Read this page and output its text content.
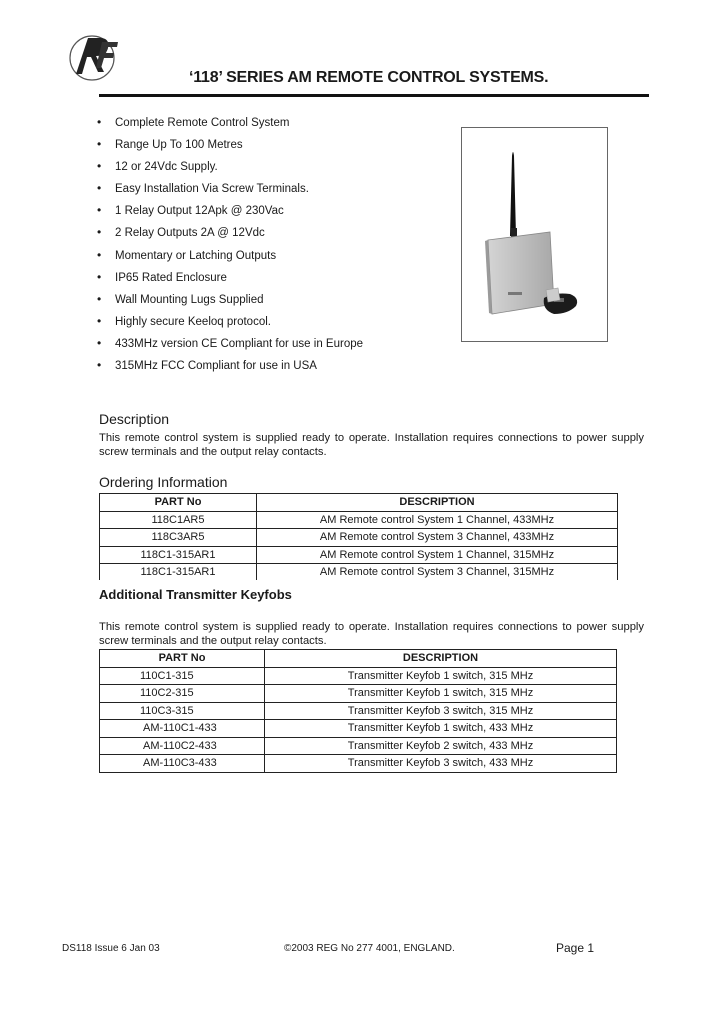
‘118’ SERIES AM REMOTE CONTROL SYSTEMS.
• Complete Remote Control System
• Range Up To 100 Metres
• 12 or 24Vdc Supply.
• Easy Installation Via Screw Terminals.
• 1 Relay Output 12Apk @ 230Vac
• 2 Relay Outputs 2A @ 12Vdc
• Momentary or Latching Outputs
• IP65 Rated Enclosure
• Wall Mounting Lugs Supplied
• Highly secure Keeloq protocol.
• 433MHz version CE Compliant for use in Europe
• 315MHz FCC Compliant for use in USA
Description

This remote control system is supplied ready to operate. Installation requires connections to power supply screw terminals and the output relay contacts.

Ordering Information
PART No	DESCRIPTION
118C1AR5	AM Remote control System 1 Channel, 433MHz
118C3AR5	AM Remote control System 3 Channel, 433MHz
118C1-315AR1	AM Remote control System 1 Channel, 315MHz
118C1-315AR1	AM Remote control System 3 Channel, 315MHz
Additional Transmitter Keyfobs

This remote control system is supplied ready to operate. Installation requires connections to power supply screw terminals and the output relay contacts.

PART No	DESCRIPTION
110C1-315	Transmitter Keyfob 1 switch, 315 MHz
110C2-315	Transmitter Keyfob 1 switch, 315 MHz
110C3-315	Transmitter Keyfob 3 switch, 315 MHz
AM-110C1-433	Transmitter Keyfob 1 switch, 433 MHz
AM-110C2-433	Transmitter Keyfob 2 switch, 433 MHz
AM-110C3-433	Transmitter Keyfob 3 switch, 433 MHz
DS118 Issue 6 Jan 03	©2003 REG No 277 4001, ENGLAND.	Page 1
